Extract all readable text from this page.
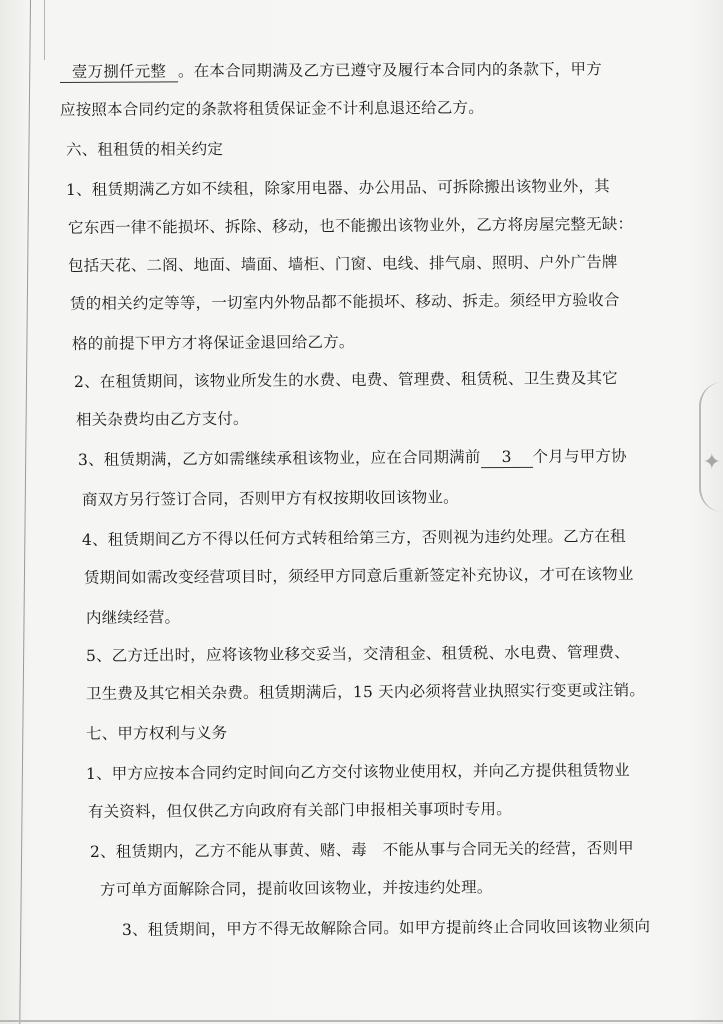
✦
壹万捌仟元整 。在本合同期满及乙方已遵守及履行本合同内的条款下，甲方
应按照本合同约定的条款将租赁保证金不计利息退还给乙方。
六、租租赁的相关约定
1、租赁期满乙方如不续租，除家用电器、办公用品、可拆除搬出该物业外，其
它东西一律不能损坏、拆除、移动，也不能搬出该物业外，乙方将房屋完整无缺：
包括天花、二阁、地面、墙面、墙柜、门窗、电线、排气扇、照明、户外广告牌
赁的相关约定等等，一切室内外物品都不能损坏、移动、拆走。须经甲方验收合
格的前提下甲方才将保证金退回给乙方。
2、在租赁期间，该物业所发生的水费、电费、管理费、租赁税、卫生费及其它
相关杂费均由乙方支付。
3、租赁期满，乙方如需继续承租该物业，应在合同期满前 3 个月与甲方协
商双方另行签订合同，否则甲方有权按期收回该物业。
4、租赁期间乙方不得以任何方式转租给第三方，否则视为违约处理。乙方在租
赁期间如需改变经营项目时，须经甲方同意后重新签定补充协议，才可在该物业
内继续经营。
5、乙方迁出时，应将该物业移交妥当，交清租金、租赁税、水电费、管理费、
卫生费及其它相关杂费。租赁期满后，15 天内必须将营业执照实行变更或注销。
七、甲方权利与义务
1、甲方应按本合同约定时间向乙方交付该物业使用权，并向乙方提供租赁物业
有关资料，但仅供乙方向政府有关部门申报相关事项时专用。
2、租赁期内，乙方不能从事黄、赌、毒　不能从事与合同无关的经营，否则甲
方可单方面解除合同，提前收回该物业，并按违约处理。
3、租赁期间，甲方不得无故解除合同。如甲方提前终止合同收回该物业须向
